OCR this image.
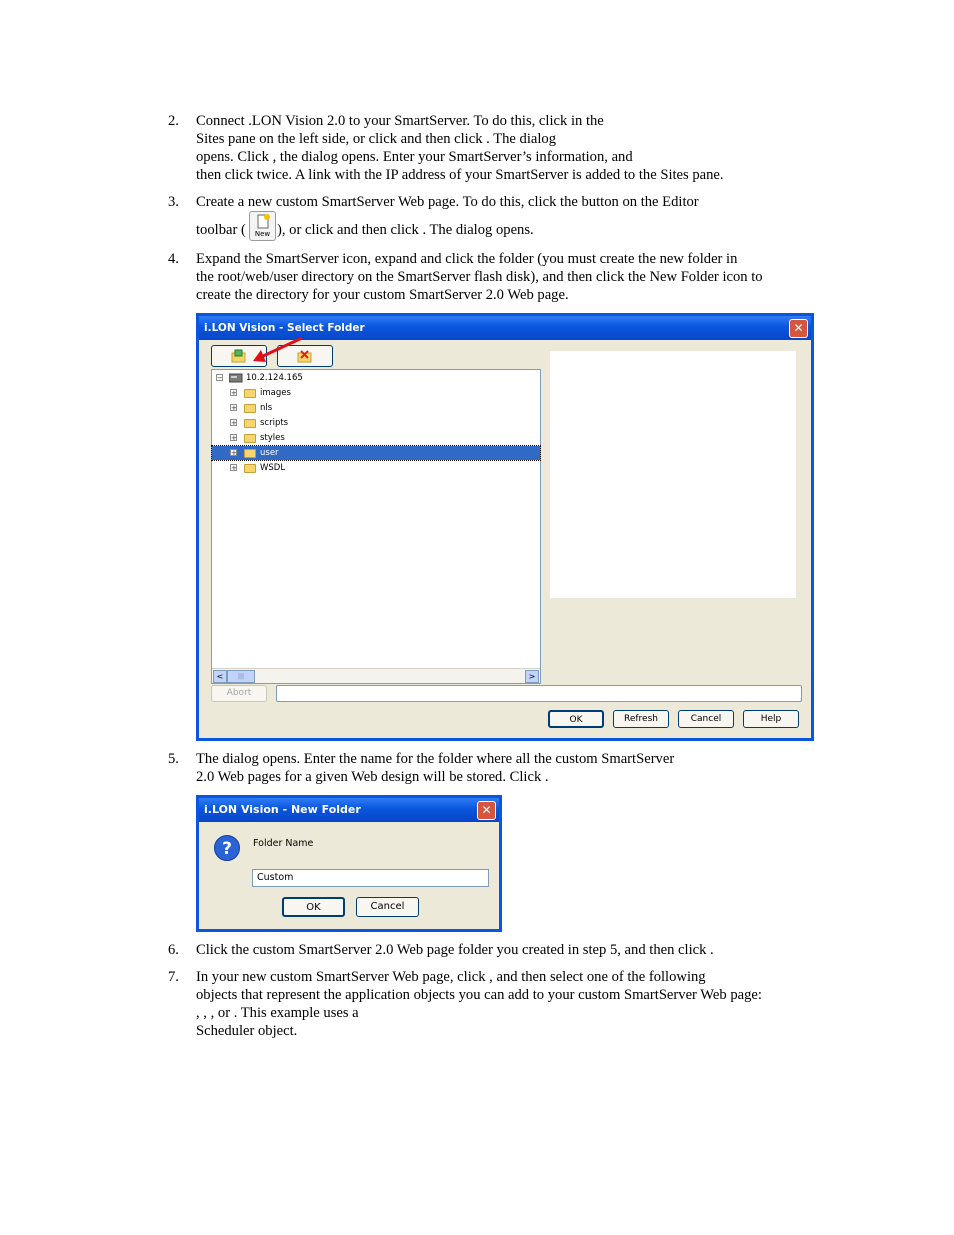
2. Connect .LON Vision 2.0 to your SmartServer. To do this, click in the
Sites pane on the left side, or click and then click . The dialog
opens. Click , the dialog opens. Enter your SmartServer’s information, and
then click twice. A link with the IP address of your SmartServer is added to the Sites pane.
3. Create a new custom SmartServer Web page. To do this, click the button on the Editor
toolbar (	New ), or click and then click . The dialog opens.
4. Expand the SmartServer icon, expand and click the folder (you must create the new folder in
the root/web/user directory on the SmartServer flash disk), and then click the New Folder icon to
create the directory for your custom SmartServer 2.0 Web page.
i.LON Vision - Select Folder	✕
−	10.2.124.165
+	images
+	nls
+	scripts
+	styles
+	user
+	WSDL
<	|||	>
Abort
OK	Refresh	Cancel	Help
5. The dialog opens. Enter the name for the folder where all the custom SmartServer
2.0 Web pages for a given Web design will be stored. Click .
i.LON Vision - New Folder	✕
?	Folder Name
Custom
OK	Cancel
6. Click the custom SmartServer 2.0 Web page folder you created in step 5, and then click .
7. In your new custom SmartServer Web page, click , and then select one of the following
objects that represent the application objects you can add to your custom SmartServer Web page:
, , , or . This example uses a
Scheduler object.
